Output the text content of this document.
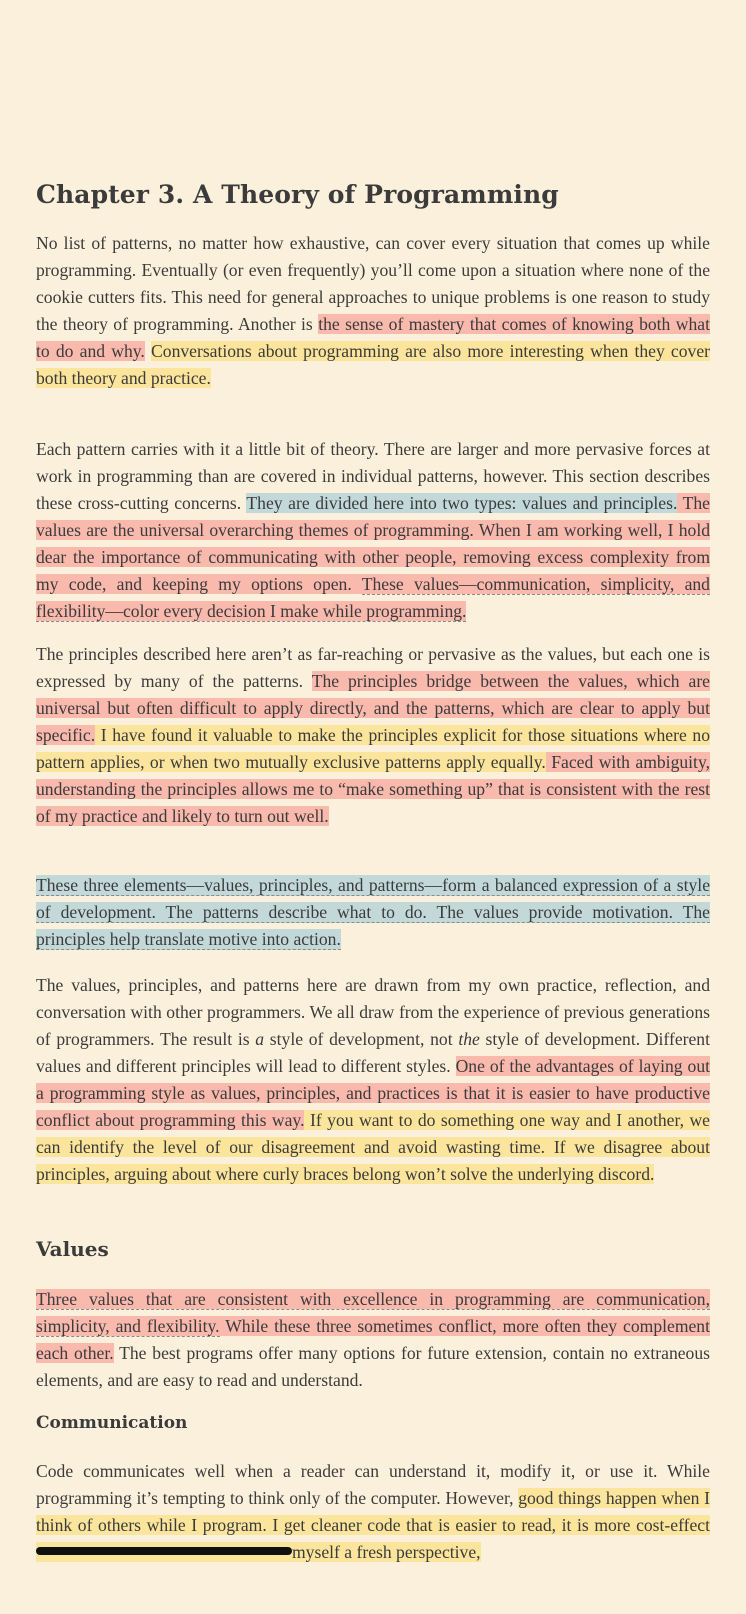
Chapter 3. A Theory of Programming

No list of patterns, no matter how exhaustive, can cover every situation that comes up while programming. Eventually (or even frequently) you’ll come upon a situation where none of the cookie cutters fits. This need for general approaches to unique problems is one reason to study the theory of programming. Another is the sense of mastery that comes of knowing both what to do and why. Conversations about programming are also more interesting when they cover both theory and practice.

Each pattern carries with it a little bit of theory. There are larger and more pervasive forces at work in programming than are covered in individual patterns, however. This section describes these cross-cutting concerns. They are divided here into two types: values and principles. The values are the universal overarching themes of programming. When I am working well, I hold dear the importance of communicating with other people, removing excess complexity from my code, and keeping my options open. These values—communication, simplicity, and flexibility—color every decision I make while programming.

The principles described here aren’t as far-reaching or pervasive as the values, but each one is expressed by many of the patterns. The principles bridge between the values, which are universal but often difficult to apply directly, and the patterns, which are clear to apply but specific. I have found it valuable to make the principles explicit for those situations where no pattern applies, or when two mutually exclusive patterns apply equally. Faced with ambiguity, understanding the principles allows me to “make something up” that is consistent with the rest of my practice and likely to turn out well.

These three elements—values, principles, and patterns—form a balanced expression of a style of development. The patterns describe what to do. The values provide motivation. The principles help translate motive into action.

The values, principles, and patterns here are drawn from my own practice, reflection, and conversation with other programmers. We all draw from the experience of previous generations of programmers. The result is a style of development, not the style of development. Different values and different principles will lead to different styles. One of the advantages of laying out a programming style as values, principles, and practices is that it is easier to have productive conflict about programming this way. If you want to do something one way and I another, we can identify the level of our disagreement and avoid wasting time. If we disagree about principles, arguing about where curly braces belong won’t solve the underlying discord.

Values

Three values that are consistent with excellence in programming are communication, simplicity, and flexibility. While these three sometimes conflict, more often they complement each other. The best programs offer many options for future extension, contain no extraneous elements, and are easy to read and understand.

Communication

Code communicates well when a reader can understand it, modify it, or use it. While programming it’s tempting to think only of the computer. However, good things happen when I think of others while I program. I get cleaner code that is easier to read, it is more cost-effectmyself a fresh perspective,
